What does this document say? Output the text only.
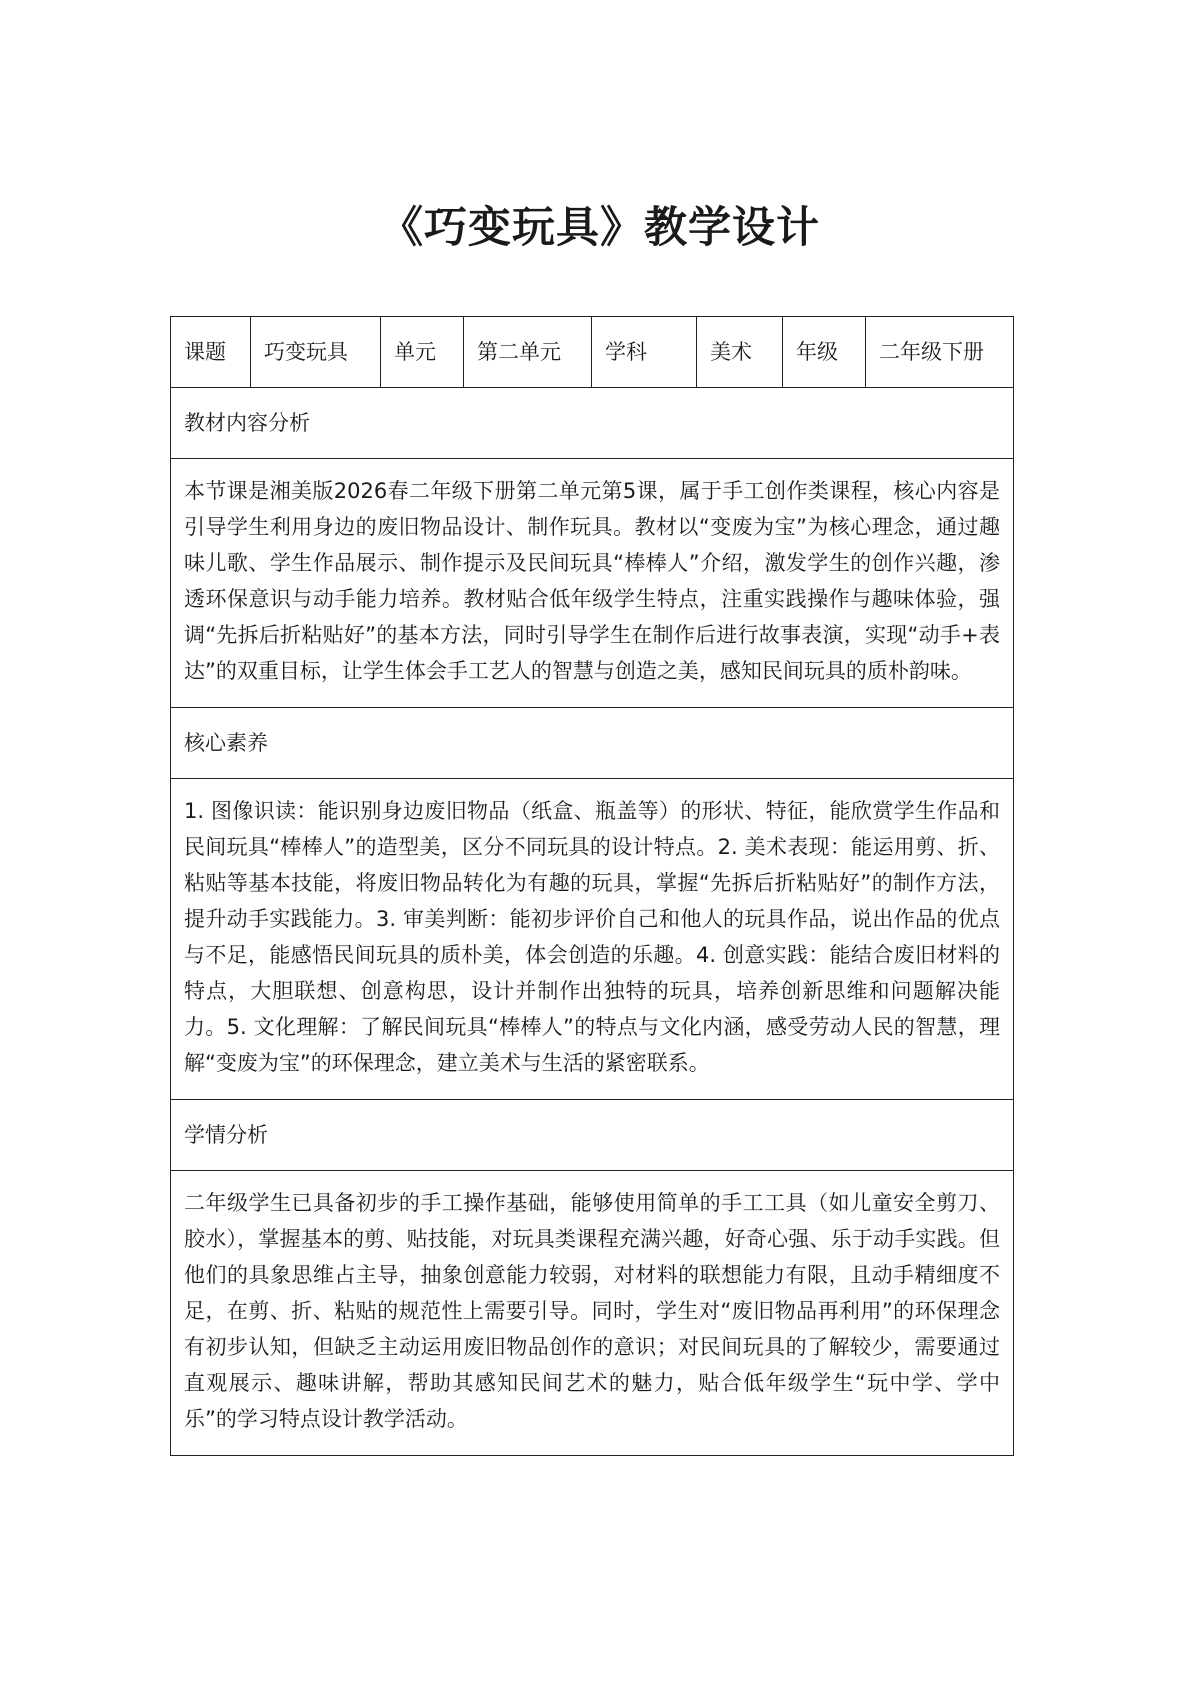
《巧变玩具》教学设计
课题	巧变玩具	单元	第二单元	学科	美术	年级	二年级下册
教材内容分析
本节课是湘美版2026春二年级下册第二单元第5课，属于手工创作类课程，核心内容是引导学生利用身边的废旧物品设计、制作玩具。教材以“变废为宝”为核心理念，通过趣味儿歌、学生作品展示、制作提示及民间玩具“棒棒人”介绍，激发学生的创作兴趣，渗透环保意识与动手能力培养。教材贴合低年级学生特点，注重实践操作与趣味体验，强调“先拆后折粘贴好”的基本方法，同时引导学生在制作后进行故事表演，实现“动手+表达”的双重目标，让学生体会手工艺人的智慧与创造之美，感知民间玩具的质朴韵味。
核心素养
1. 图像识读：能识别身边废旧物品（纸盒、瓶盖等）的形状、特征，能欣赏学生作品和民间玩具“棒棒人”的造型美，区分不同玩具的设计特点。2. 美术表现：能运用剪、折、粘贴等基本技能，将废旧物品转化为有趣的玩具，掌握“先拆后折粘贴好”的制作方法，提升动手实践能力。3. 审美判断：能初步评价自己和他人的玩具作品，说出作品的优点与不足，能感悟民间玩具的质朴美，体会创造的乐趣。4. 创意实践：能结合废旧材料的特点，大胆联想、创意构思，设计并制作出独特的玩具，培养创新思维和问题解决能力。5. 文化理解：了解民间玩具“棒棒人”的特点与文化内涵，感受劳动人民的智慧，理解“变废为宝”的环保理念，建立美术与生活的紧密联系。
学情分析
二年级学生已具备初步的手工操作基础，能够使用简单的手工工具（如儿童安全剪刀、胶水），掌握基本的剪、贴技能，对玩具类课程充满兴趣，好奇心强、乐于动手实践。但他们的具象思维占主导，抽象创意能力较弱，对材料的联想能力有限，且动手精细度不足，在剪、折、粘贴的规范性上需要引导。同时，学生对“废旧物品再利用”的环保理念有初步认知，但缺乏主动运用废旧物品创作的意识；对民间玩具的了解较少，需要通过直观展示、趣味讲解，帮助其感知民间艺术的魅力，贴合低年级学生“玩中学、学中乐”的学习特点设计教学活动。
